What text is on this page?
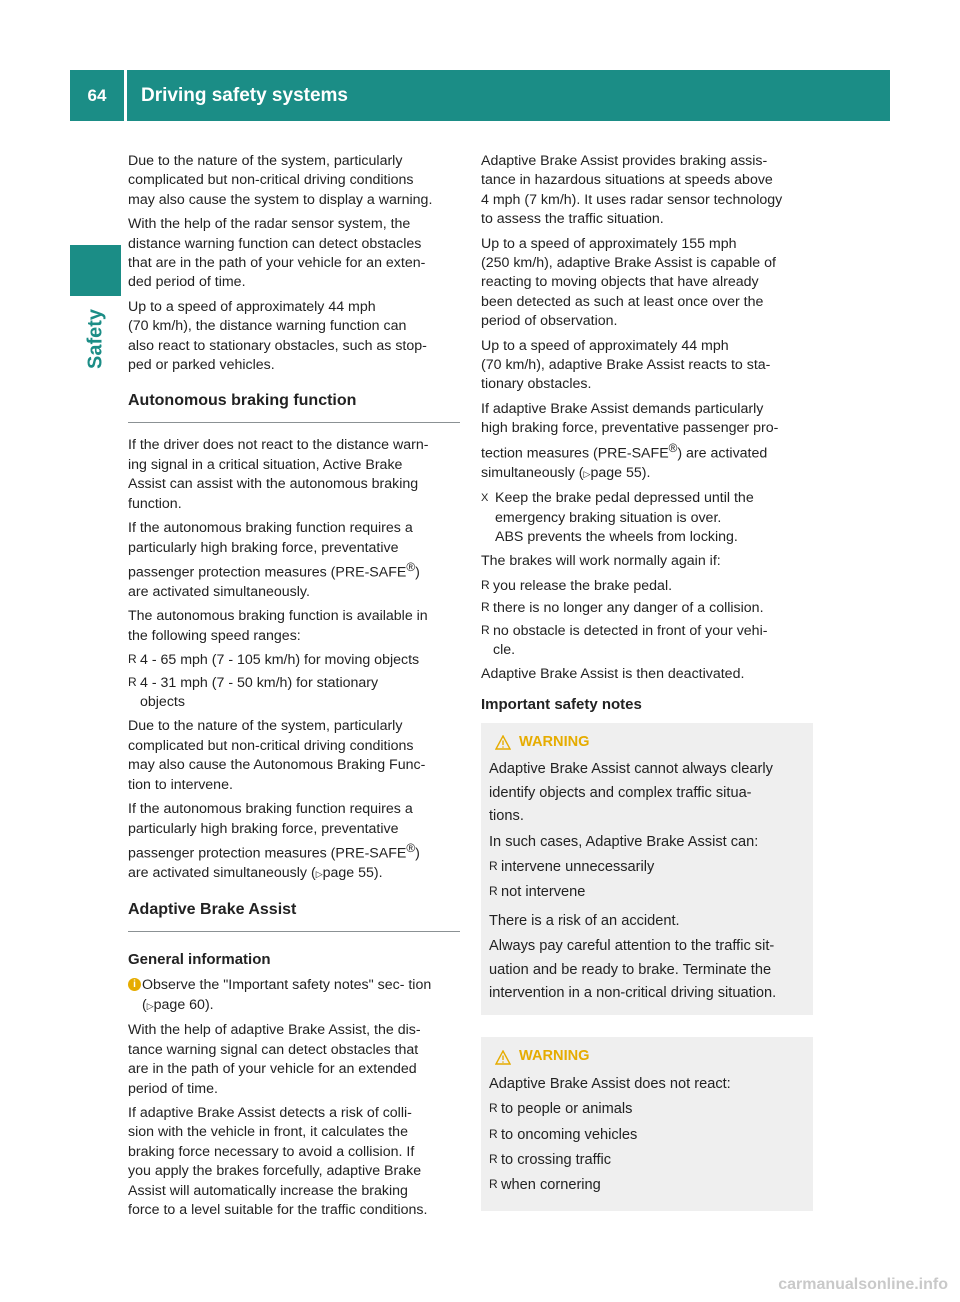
64	Driving safety systems
Safety

Due to the nature of the system, particularly
complicated but non-critical driving conditions
may also cause the system to display a warning.

With the help of the radar sensor system, the
distance warning function can detect obstacles
that are in the path of your vehicle for an exten-
ded period of time.

Up to a speed of approximately 44 mph
(70 km/h), the distance warning function can
also react to stationary obstacles, such as stop-
ped or parked vehicles.

Autonomous braking function

If the driver does not react to the distance warn-
ing signal in a critical situation, Active Brake
Assist can assist with the autonomous braking
function.

If the autonomous braking function requires a
particularly high braking force, preventative
passenger protection measures (PRE-SAFE®)
are activated simultaneously.

The autonomous braking function is available in
the following speed ranges:

R 4 - 65 mph (7 - 105 km/h) for moving objects
R 4 - 31 mph (7 - 50 km/h) for stationary
objects

Due to the nature of the system, particularly
complicated but non-critical driving conditions
may also cause the Autonomous Braking Func-
tion to intervene.

If the autonomous braking function requires a
particularly high braking force, preventative
passenger protection measures (PRE-SAFE®)
are activated simultaneously (▷page 55).

Adaptive Brake Assist
General information
i Observe the "Important safety notes" sec- tion (▷page 60).

With the help of adaptive Brake Assist, the dis-
tance warning signal can detect obstacles that
are in the path of your vehicle for an extended
period of time.

If adaptive Brake Assist detects a risk of colli-
sion with the vehicle in front, it calculates the
braking force necessary to avoid a collision. If
you apply the brakes forcefully, adaptive Brake
Assist will automatically increase the braking
force to a level suitable for the traffic conditions.

Adaptive Brake Assist provides braking assis-
tance in hazardous situations at speeds above
4 mph (7 km/h). It uses radar sensor technology
to assess the traffic situation.

Up to a speed of approximately 155 mph
(250 km/h), adaptive Brake Assist is capable of
reacting to moving objects that have already
been detected as such at least once over the
period of observation.

Up to a speed of approximately 44 mph
(70 km/h), adaptive Brake Assist reacts to sta-
tionary obstacles.

If adaptive Brake Assist demands particularly
high braking force, preventative passenger pro-
tection measures (PRE-SAFE®) are activated
simultaneously (▷page 55).

X Keep the brake pedal depressed until the
emergency braking situation is over.
ABS prevents the wheels from locking.

The brakes will work normally again if:

R you release the brake pedal.
R there is no longer any danger of a collision.
R no obstacle is detected in front of your vehi-
cle.

Adaptive Brake Assist is then deactivated.

Important safety notes
WARNING

Adaptive Brake Assist cannot always clearly
identify objects and complex traffic situa-
tions.

In such cases, Adaptive Brake Assist can:

R intervene unnecessarily
R not intervene

There is a risk of an accident.

Always pay careful attention to the traffic sit-
uation and be ready to brake. Terminate the
intervention in a non-critical driving situation.

WARNING

Adaptive Brake Assist does not react:

R to people or animals
R to oncoming vehicles
R to crossing traffic
R when cornering
carmanualsonline.info
